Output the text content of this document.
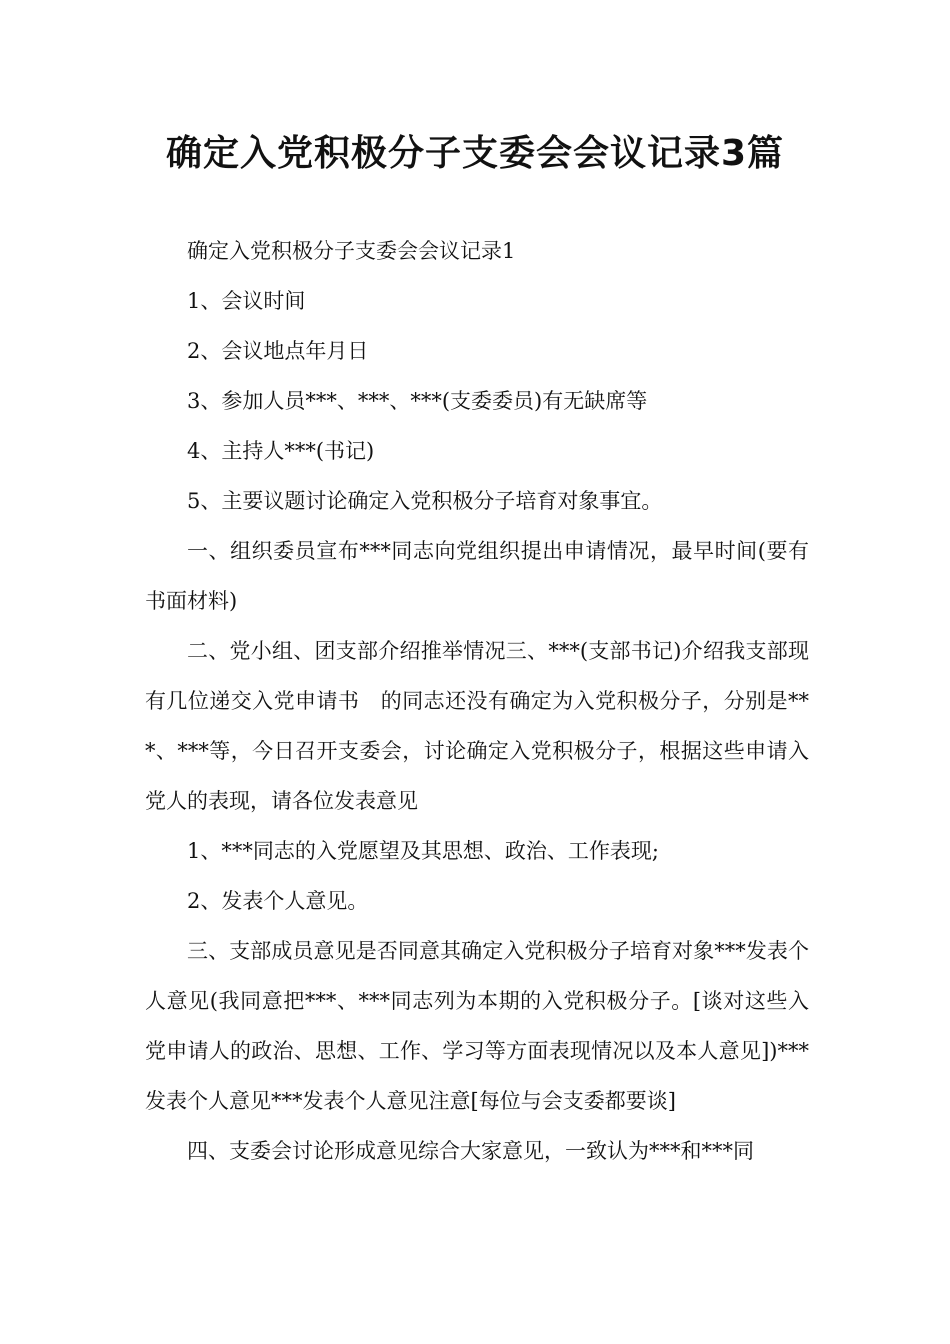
确定入党积极分子支委会会议记录3篇

确定入党积极分子支委会会议记录1

1、会议时间

2、会议地点年月日

3、参加人员***、***、***(支委委员)有无缺席等

4、主持人***(书记)

5、主要议题讨论确定入党积极分子培育对象事宜。

一、组织委员宣布***同志向党组织提出申请情况，最早时间(要有书面材料)

二、党小组、团支部介绍推举情况三、***(支部书记)介绍我支部现有几位递交入党申请书　的同志还没有确定为入党积极分子，分别是***、***等，今日召开支委会，讨论确定入党积极分子，根据这些申请入党人的表现，请各位发表意见

1、***同志的入党愿望及其思想、政治、工作表现;

2、发表个人意见。

三、支部成员意见是否同意其确定入党积极分子培育对象***发表个人意见(我同意把***、***同志列为本期的入党积极分子。[谈对这些入党申请人的政治、思想、工作、学习等方面表现情况以及本人意见])***发表个人意见***发表个人意见注意[每位与会支委都要谈]

四、支委会讨论形成意见综合大家意见，一致认为***和***同
